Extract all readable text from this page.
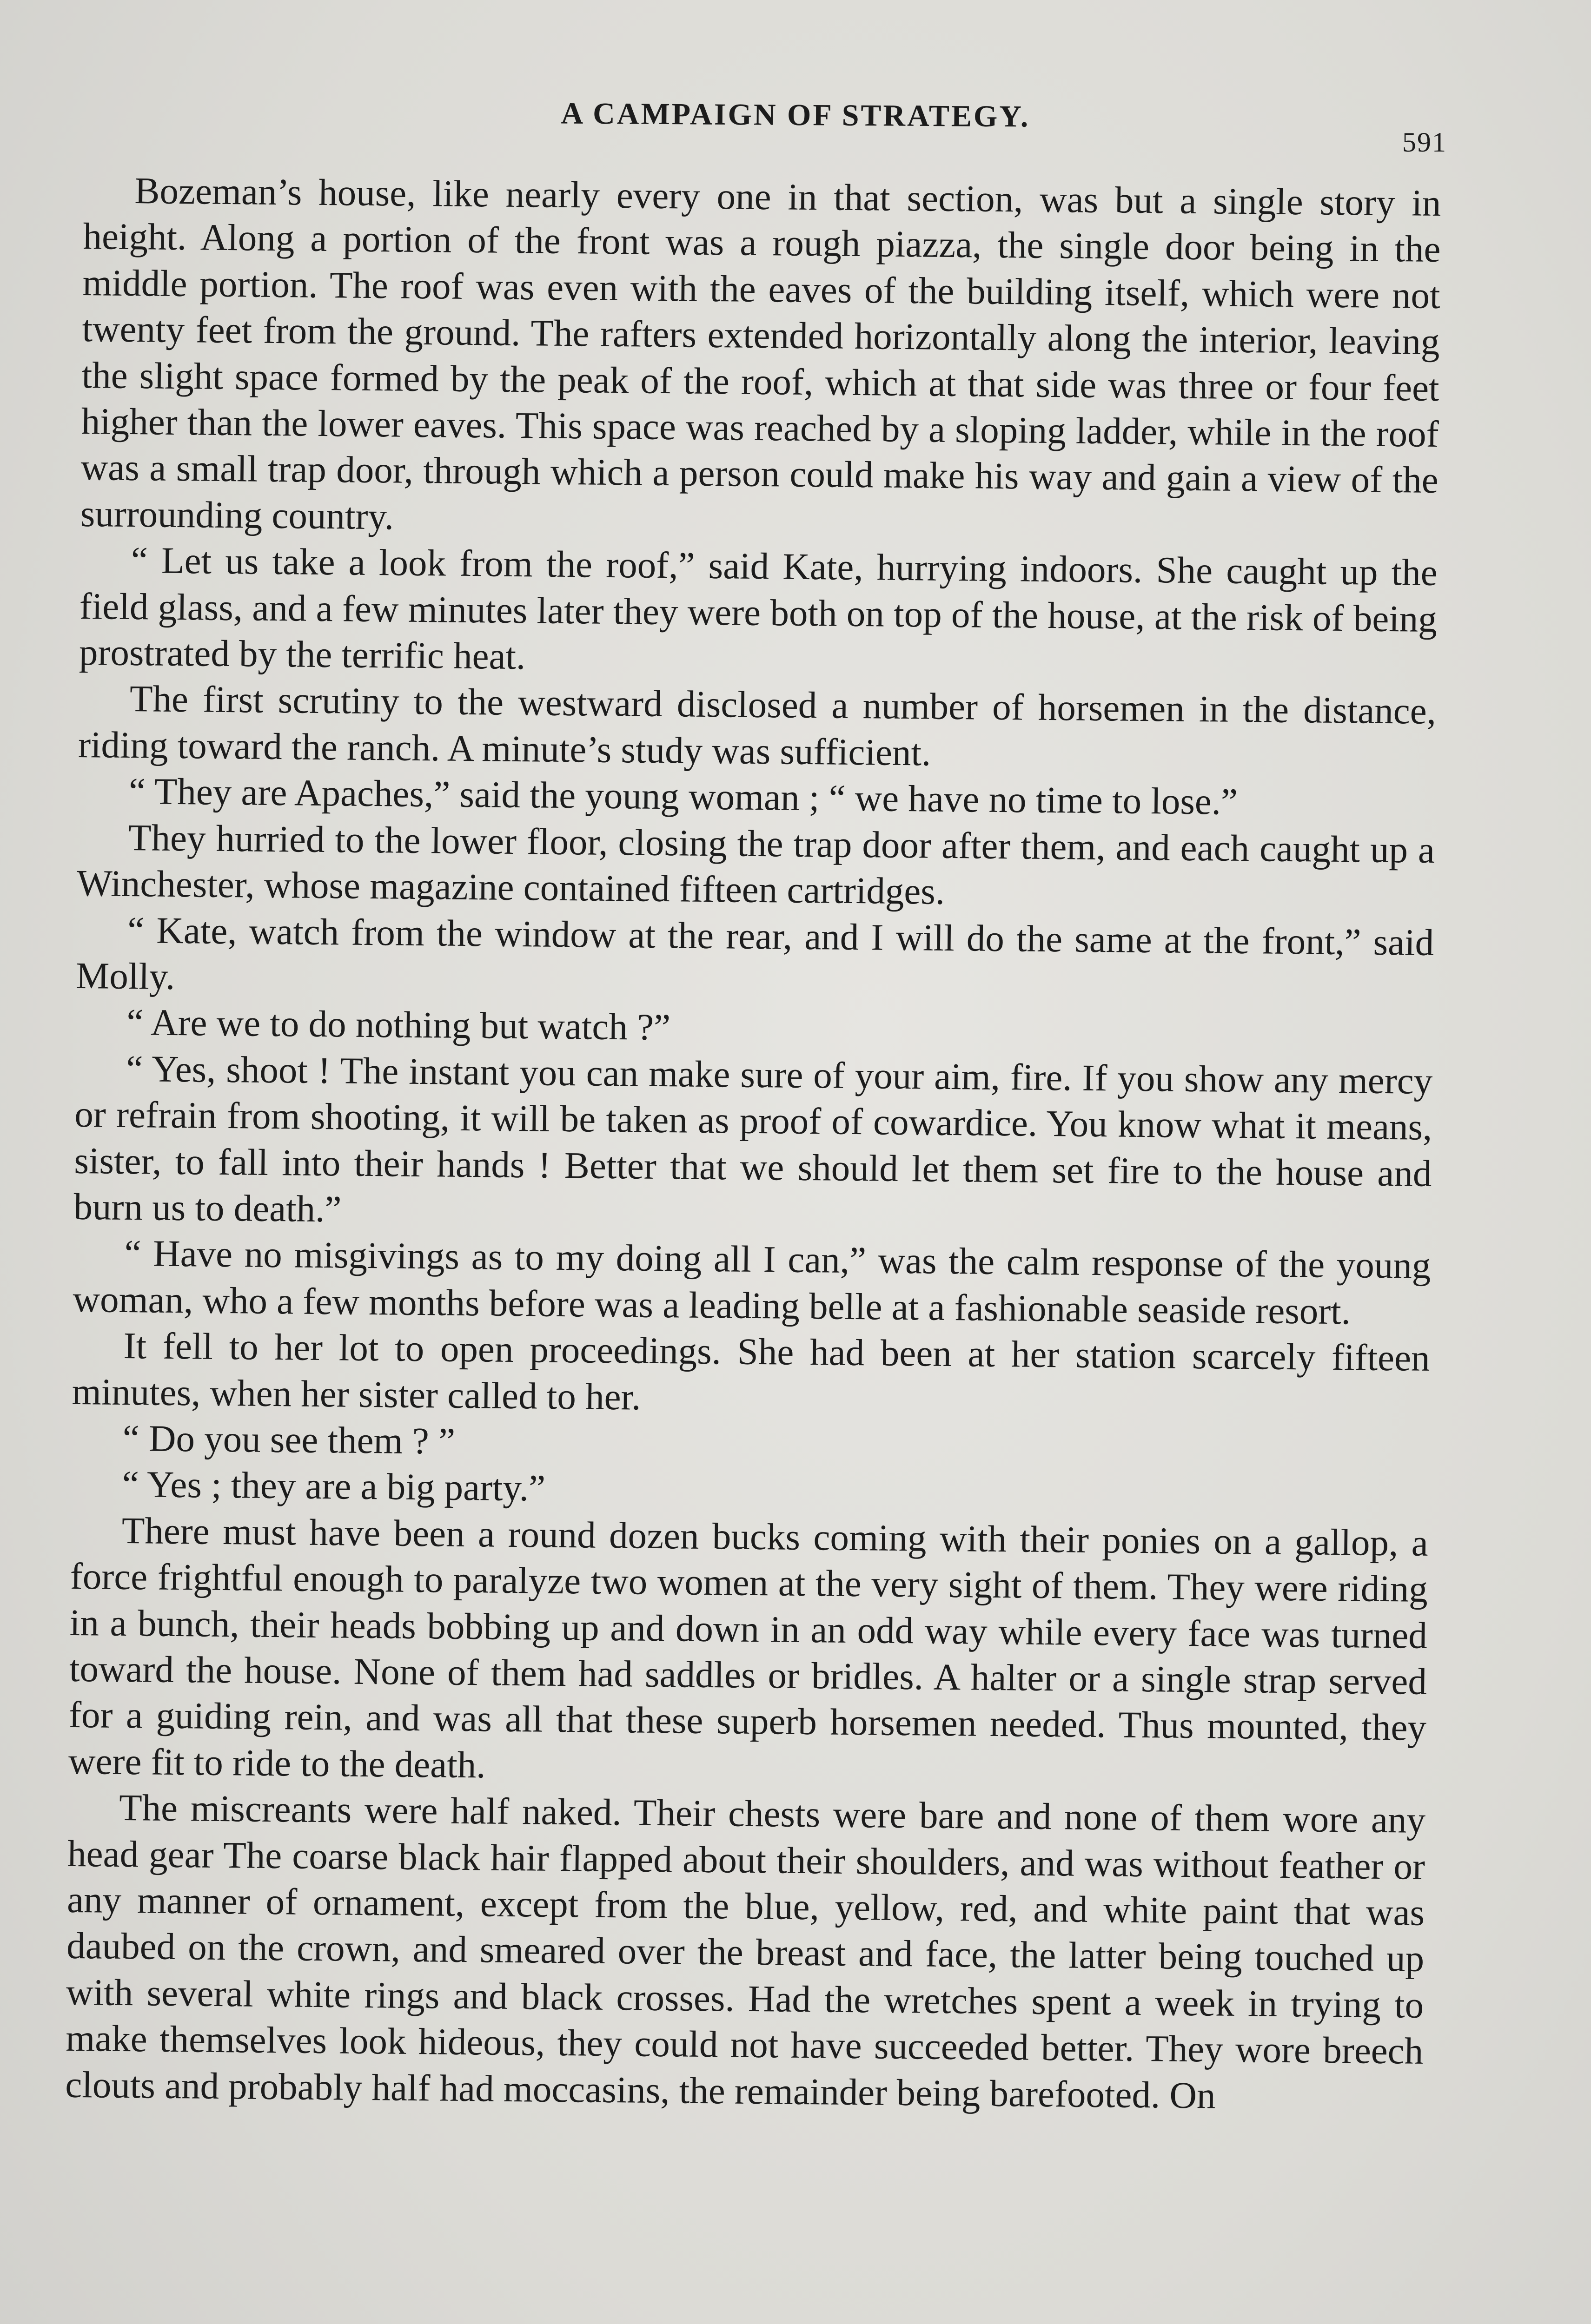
A CAMPAIGN OF STRATEGY.
591

Bozeman’s house, like nearly every one in that section, was but a single story in height. Along a portion of the front was a rough piazza, the single door being in the middle portion. The roof was even with the eaves of the building itself, which were not twenty feet from the ground. The rafters extended horizontally along the interior, leaving the slight space formed by the peak of the roof, which at that side was three or four feet higher than the lower eaves. This space was reached by a sloping ladder, while in the roof was a small trap door, through which a person could make his way and gain a view of the surrounding country.

“ Let us take a look from the roof,” said Kate, hurrying indoors. She caught up the field glass, and a few minutes later they were both on top of the house, at the risk of being prostrated by the terrific heat.

The first scrutiny to the westward disclosed a number of horsemen in the distance, riding toward the ranch. A minute’s study was sufficient.

“ They are Apaches,” said the young woman ; “ we have no time to lose.”

They hurried to the lower floor, closing the trap door after them, and each caught up a Winchester, whose magazine contained fifteen cartridges.

“ Kate, watch from the window at the rear, and I will do the same at the front,” said Molly.

“ Are we to do nothing but watch ?”

“ Yes, shoot ! The instant you can make sure of your aim, fire. If you show any mercy or refrain from shooting, it will be taken as proof of cowardice. You know what it means, sister, to fall into their hands ! Better that we should let them set fire to the house and burn us to death.”

“ Have no misgivings as to my doing all I can,” was the calm response of the young woman, who a few months before was a leading belle at a fashionable seaside resort.

It fell to her lot to open proceedings. She had been at her station scarcely fifteen minutes, when her sister called to her.

“ Do you see them ? ”

“ Yes ; they are a big party.”

There must have been a round dozen bucks coming with their ponies on a gallop, a force frightful enough to paralyze two women at the very sight of them. They were riding in a bunch, their heads bobbing up and down in an odd way while every face was turned toward the house. None of them had saddles or bridles. A halter or a single strap served for a guiding rein, and was all that these superb horsemen needed. Thus mounted, they were fit to ride to the death.

The miscreants were half naked. Their chests were bare and none of them wore any head gear The coarse black hair flapped about their shoulders, and was without feather or any manner of ornament, except from the blue, yellow, red, and white paint that was daubed on the crown, and smeared over the breast and face, the latter being touched up with several white rings and black crosses. Had the wretches spent a week in trying to make themselves look hideous, they could not have succeeded better. They wore breech clouts and probably half had moccasins, the remainder being barefooted. On
